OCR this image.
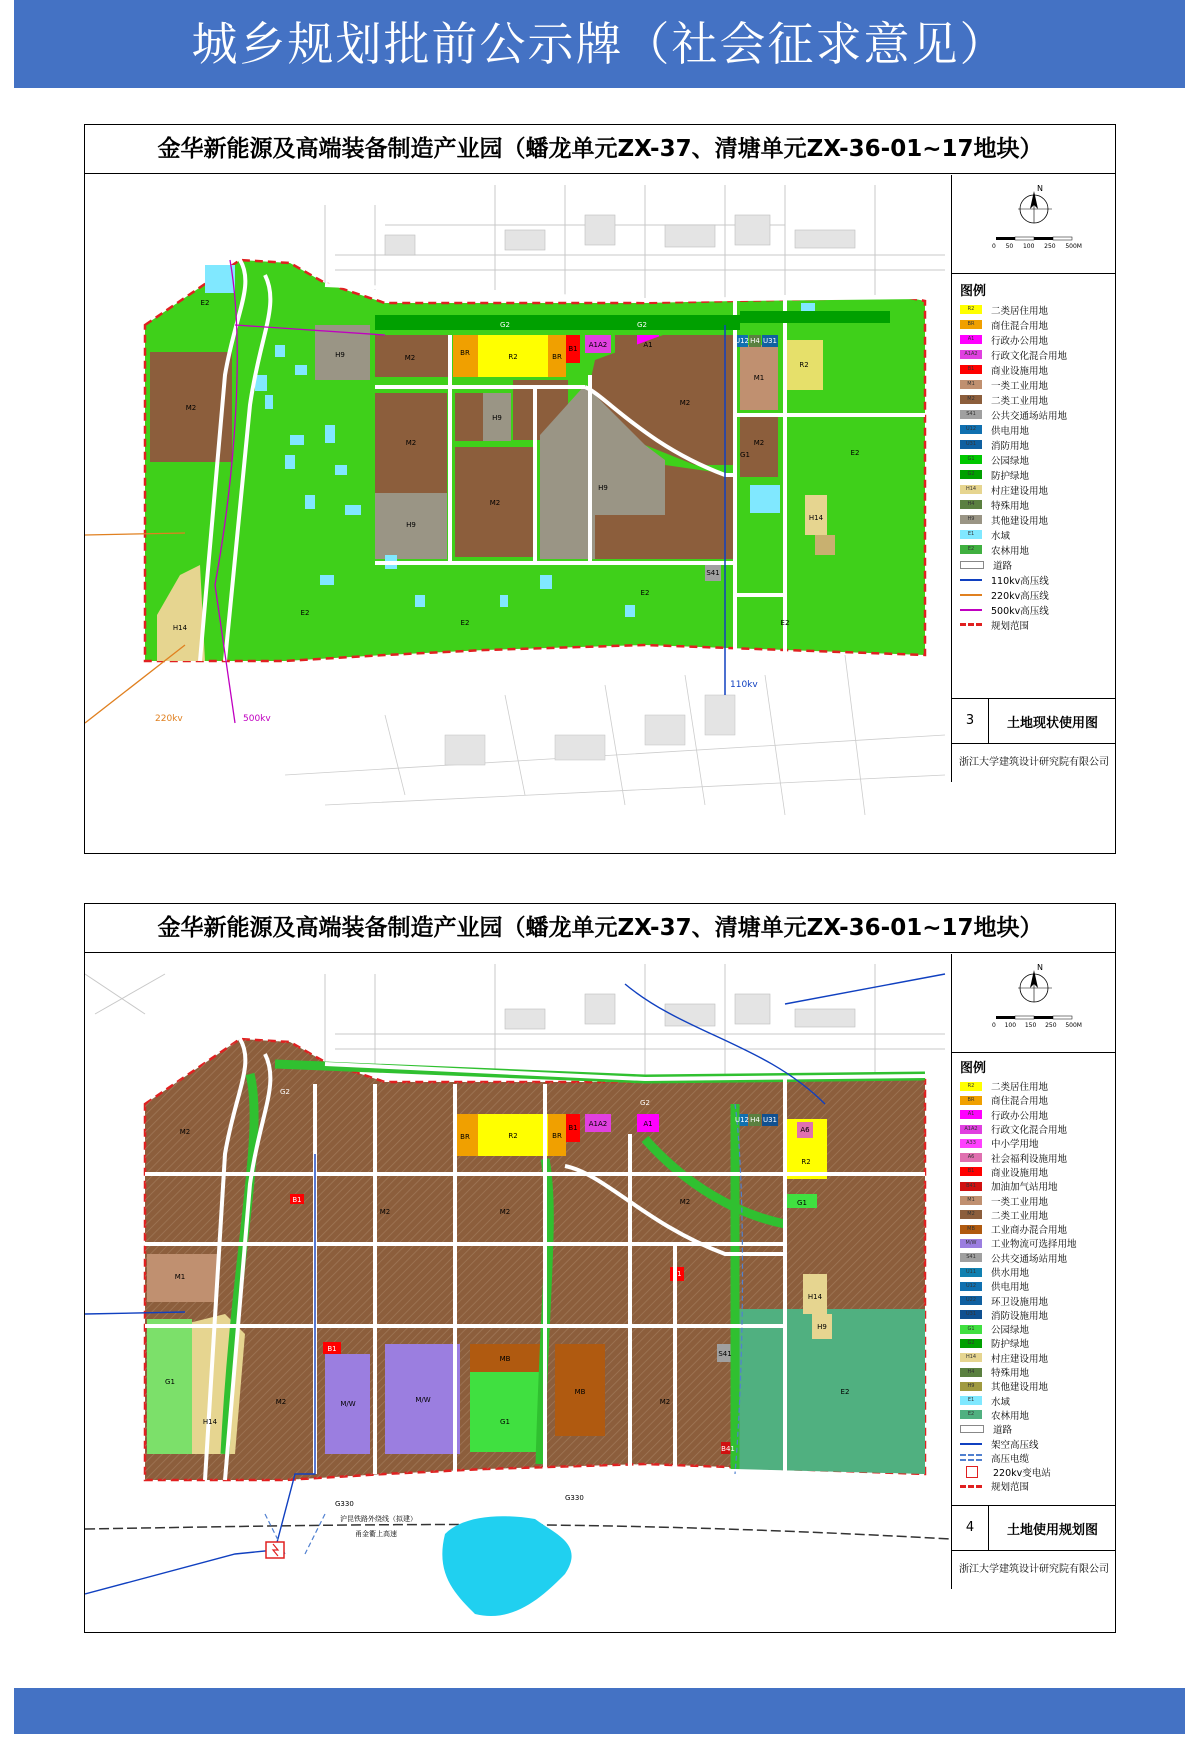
城乡规划批前公示牌（社会征求意见）
金华新能源及高端装备制造产业园（蟠龙单元ZX-37、清塘单元ZX-36-01~17地块）
110kv
220kv	500kv
M2
H9	M2
BR	R2	BR
B1 A1A2	A1
M2
M2
H9
H9
M2
H9
M1
M2
R2
H14
S41
H14
G2	G2
E2
E2
E2
E2
E2
E2
G1
U12 H4 U31
N
0 50 100 250 500M
图例
R2	二类居住用地
BR	商住混合用地
A1	行政办公用地
A1A2	行政文化混合用地
B1	商业设施用地
M1	一类工业用地
M2	二类工业用地
S41	公共交通场站用地
U12	供电用地
U31	消防用地
G1	公园绿地
G2	防护绿地
H14	村庄建设用地
H4	特殊用地
H9	其他建设用地
E1	水域
E2	农林用地
道路
110kv高压线
220kv高压线
500kv高压线
规划范围
3	土地现状使用图
浙江大学建筑设计研究院有限公司
金华新能源及高端装备制造产业园（蟠龙单元ZX-37、清塘单元ZX-36-01~17地块）
G330
G330
沪昆铁路外绕线（拟建）
甬金衢上高速
M2
M1
BR	R2	BR
B1 A1A2	A1
A6
R2
M/W	M/W
MB
MB
S41
B41
G1
G1
H14
H14
H9
E2
G1
B1
B1
B1
U12 H4 U31
M2	M2
M2
M2	M2
G2
G2
N
0 100 150 250 500M
图例
R2	二类居住用地
BR	商住混合用地
A1	行政办公用地
A1A2	行政文化混合用地
A33	中小学用地
A6	社会福利设施用地
B1	商业设施用地
B41	加油加气站用地
M1	一类工业用地
M2	二类工业用地
MB	工业商办混合用地
M/W	工业物流可选择用地
S41	公共交通场站用地
U11	供水用地
U12	供电用地
U22	环卫设施用地
U31	消防设施用地
G1	公园绿地
G2	防护绿地
H14	村庄建设用地
H4	特殊用地
H9	其他建设用地
E1	水域
E2	农林用地
道路
架空高压线
高压电缆
220kv变电站
规划范围
4	土地使用规划图
浙江大学建筑设计研究院有限公司
